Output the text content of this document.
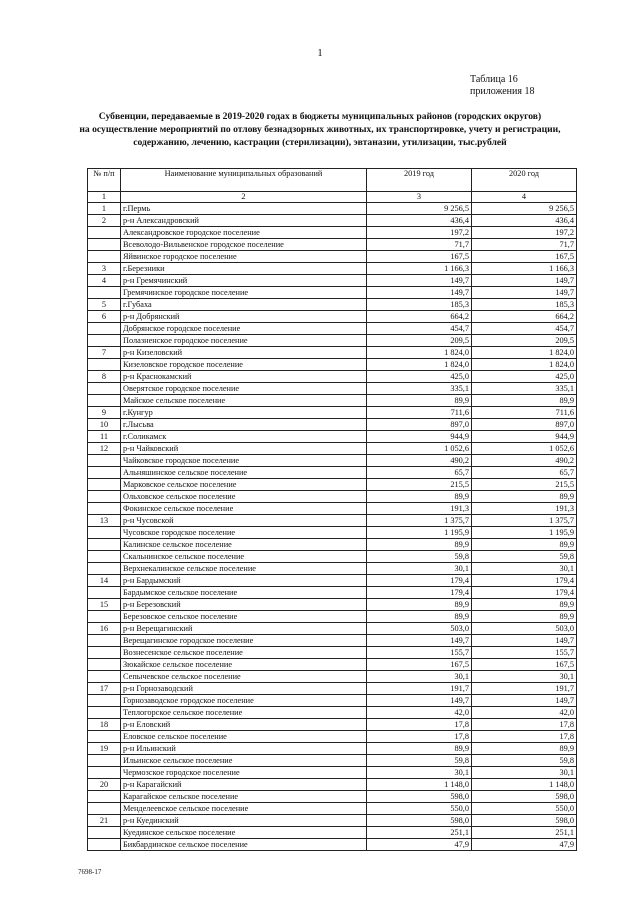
1
Таблица 16
приложения 18
Субвенции, передаваемые в 2019-2020 годах в бюджеты муниципальных районов (городских округов)
на осуществление мероприятий по отлову безнадзорных животных, их транспортировке, учету и регистрации,
содержанию, лечению, кастрации (стерилизации), эвтаназии, утилизации, тыс.рублей
№ п/п	Наименование муниципальных образований	2019 год	2020 год
1	2	3	4
1	г.Пермь	9 256,5	9 256,5
2	р-н Александровский	436,4	436,4
	Александровское городское поселение	197,2	197,2
	Всеволодо-Вильвенское городское поселение	71,7	71,7
	Яйвинское городское поселение	167,5	167,5
3	г.Березники	1 166,3	1 166,3
4	р-н Гремячинский	149,7	149,7
	Гремячинское городское поселение	149,7	149,7
5	г.Губаха	185,3	185,3
6	р-н Добрянский	664,2	664,2
	Добрянское городское поселение	454,7	454,7
	Полазненское городское поселение	209,5	209,5
7	р-н Кизеловский	1 824,0	1 824,0
	Кизеловское городское поселение	1 824,0	1 824,0
8	р-н Краснокамский	425,0	425,0
	Оверятское городское поселение	335,1	335,1
	Майское сельское поселение	89,9	89,9
9	г.Кунгур	711,6	711,6
10	г.Лысьва	897,0	897,0
11	г.Соликамск	944,9	944,9
12	р-н Чайковский	1 052,6	1 052,6
	Чайковское городское поселение	490,2	490,2
	Альняшинское сельское поселение	65,7	65,7
	Марковское сельское поселение	215,5	215,5
	Ольховское сельское поселение	89,9	89,9
	Фокинское сельское поселение	191,3	191,3
13	р-н Чусовской	1 375,7	1 375,7
	Чусовское городское поселение	1 195,9	1 195,9
	Калинское сельское поселение	89,9	89,9
	Скальнинское сельское поселение	59,8	59,8
	Верхнекалинское сельское поселение	30,1	30,1
14	р-н Бардымский	179,4	179,4
	Бардымское сельское поселение	179,4	179,4
15	р-н Березовский	89,9	89,9
	Березовское сельское поселение	89,9	89,9
16	р-н Верещагинский	503,0	503,0
	Верещагинское городское поселение	149,7	149,7
	Вознесенское сельское поселение	155,7	155,7
	Зюкайское сельское поселение	167,5	167,5
	Сепычевское сельское поселение	30,1	30,1
17	р-н Горнозаводский	191,7	191,7
	Горнозаводское городское поселение	149,7	149,7
	Теплогорское сельское поселение	42,0	42,0
18	р-н Еловский	17,8	17,8
	Еловское сельское поселение	17,8	17,8
19	р-н Ильинский	89,9	89,9
	Ильинское сельское поселение	59,8	59,8
	Чермозское городское поселение	30,1	30,1
20	р-н Карагайский	1 148,0	1 148,0
	Карагайское сельское поселение	598,0	598,0
	Менделеевское сельское поселение	550,0	550,0
21	р-н Куединский	598,0	598,0
	Куединское сельское поселение	251,1	251,1
	Бикбардинское сельское поселение	47,9	47,9
7698-17
